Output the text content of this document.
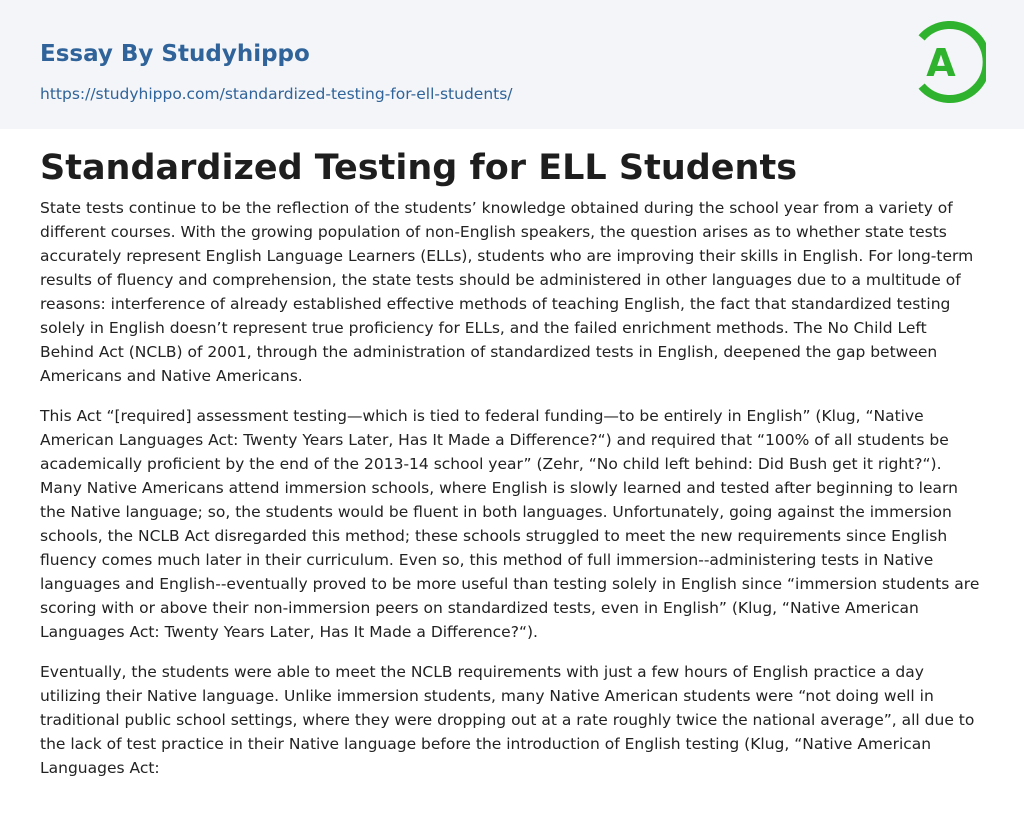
Essay By Studyhippo
https://studyhippo.com/standardized-testing-for-ell-students/
A
Standardized Testing for ELL Students

State tests continue to be the reflection of the students’ knowledge obtained during the school year from a variety of different courses. With the growing population of non-English speakers, the question arises as to whether state tests accurately represent English Language Learners (ELLs), students who are improving their skills in English. For long-term results of fluency and comprehension, the state tests should be administered in other languages due to a multitude of reasons: interference of already established effective methods of teaching English, the fact that standardized testing solely in English doesn’t represent true proficiency for ELLs, and the failed enrichment methods. The No Child Left Behind Act (NCLB) of 2001, through the administration of standardized tests in English, deepened the gap between Americans and Native Americans.

This Act “[required] assessment testing—which is tied to federal funding—to be entirely in English” (Klug, “Native American Languages Act: Twenty Years Later, Has It Made a Difference?“) and required that “100% of all students be academically proficient by the end of the 2013-14 school year” (Zehr, “No child left behind: Did Bush get it right?“). Many Native Americans attend immersion schools, where English is slowly learned and tested after beginning to learn the Native language; so, the students would be fluent in both languages. Unfortunately, going against the immersion schools, the NCLB Act disregarded this method; these schools struggled to meet the new requirements since English fluency comes much later in their curriculum. Even so, this method of full immersion--administering tests in Native languages and English--eventually proved to be more useful than testing solely in English since “immersion students are scoring with or above their non-immersion peers on standardized tests, even in English” (Klug, “Native American Languages Act: Twenty Years Later, Has It Made a Difference?“).

Eventually, the students were able to meet the NCLB requirements with just a few hours of English practice a day utilizing their Native language. Unlike immersion students, many Native American students were “not doing well in traditional public school settings, where they were dropping out at a rate roughly twice the national average”, all due to the lack of test practice in their Native language before the introduction of English testing (Klug, “Native American Languages Act:
